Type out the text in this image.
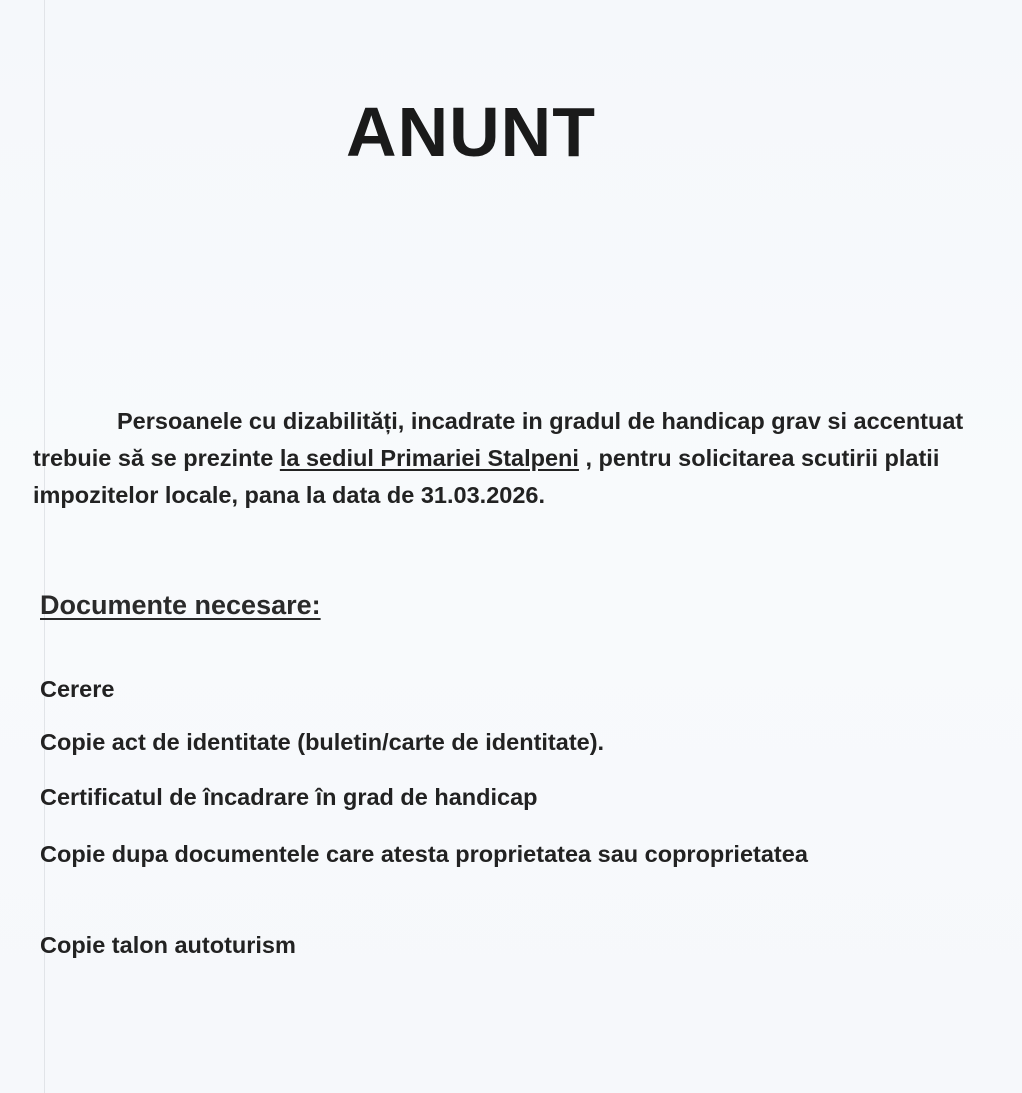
ANUNT

Persoanele cu dizabilități, incadrate in gradul de handicap grav si accentuat trebuie să se prezinte la sediul Primariei Stalpeni , pentru solicitarea scutirii platii impozitelor locale, pana la data de 31.03.2026.

Documente necesare:
Cerere
Copie act de identitate (buletin/carte de identitate).
Certificatul de încadrare în grad de handicap
Copie dupa documentele care atesta proprietatea sau coproprietatea
Copie talon autoturism
